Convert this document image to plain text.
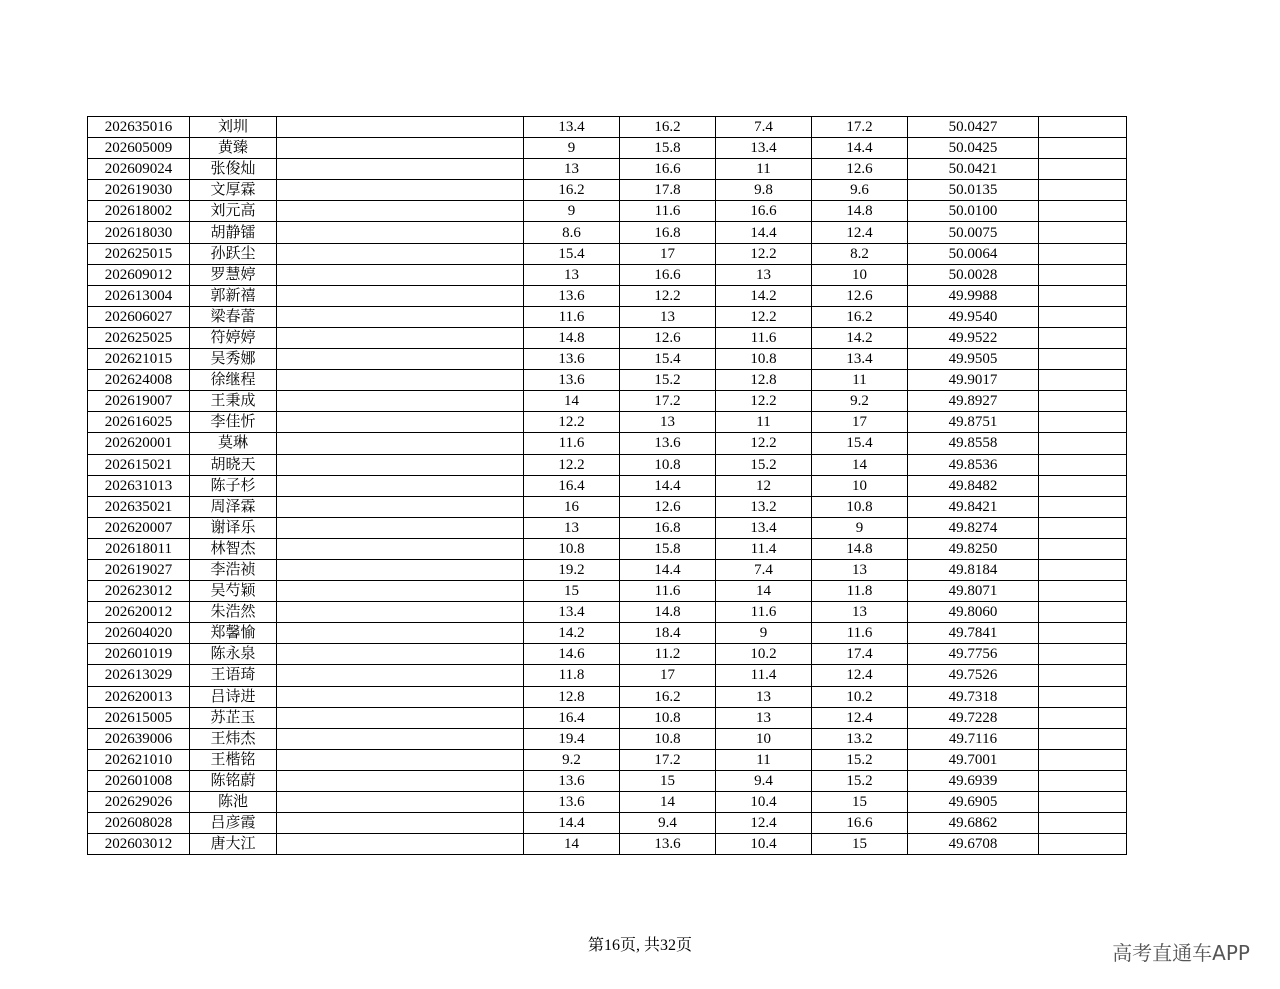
202635016	刘圳		13.4	16.2	7.4	17.2	50.0427	
202605009	黄臻		9	15.8	13.4	14.4	50.0425	
202609024	张俊灿		13	16.6	11	12.6	50.0421	
202619030	文厚霖		16.2	17.8	9.8	9.6	50.0135	
202618002	刘元高		9	11.6	16.6	14.8	50.0100	
202618030	胡静镭		8.6	16.8	14.4	12.4	50.0075	
202625015	孙跃尘		15.4	17	12.2	8.2	50.0064	
202609012	罗慧婷		13	16.6	13	10	50.0028	
202613004	郭新禧		13.6	12.2	14.2	12.6	49.9988	
202606027	梁春蕾		11.6	13	12.2	16.2	49.9540	
202625025	符婷婷		14.8	12.6	11.6	14.2	49.9522	
202621015	吴秀娜		13.6	15.4	10.8	13.4	49.9505	
202624008	徐继程		13.6	15.2	12.8	11	49.9017	
202619007	王秉成		14	17.2	12.2	9.2	49.8927	
202616025	李佳忻		12.2	13	11	17	49.8751	
202620001	莫琳		11.6	13.6	12.2	15.4	49.8558	
202615021	胡晓天		12.2	10.8	15.2	14	49.8536	
202631013	陈子杉		16.4	14.4	12	10	49.8482	
202635021	周泽霖		16	12.6	13.2	10.8	49.8421	
202620007	谢译乐		13	16.8	13.4	9	49.8274	
202618011	林智杰		10.8	15.8	11.4	14.8	49.8250	
202619027	李浩祯		19.2	14.4	7.4	13	49.8184	
202623012	吴芍颖		15	11.6	14	11.8	49.8071	
202620012	朱浩然		13.4	14.8	11.6	13	49.8060	
202604020	郑馨愉		14.2	18.4	9	11.6	49.7841	
202601019	陈永泉		14.6	11.2	10.2	17.4	49.7756	
202613029	王语琦		11.8	17	11.4	12.4	49.7526	
202620013	吕诗进		12.8	16.2	13	10.2	49.7318	
202615005	苏芷玉		16.4	10.8	13	12.4	49.7228	
202639006	王炜杰		19.4	10.8	10	13.2	49.7116	
202621010	王楷铭		9.2	17.2	11	15.2	49.7001	
202601008	陈铭蔚		13.6	15	9.4	15.2	49.6939	
202629026	陈池		13.6	14	10.4	15	49.6905	
202608028	吕彦霞		14.4	9.4	12.4	16.6	49.6862	
202603012	唐大江		14	13.6	10.4	15	49.6708	
第16页, 共32页	高考直通车APP
